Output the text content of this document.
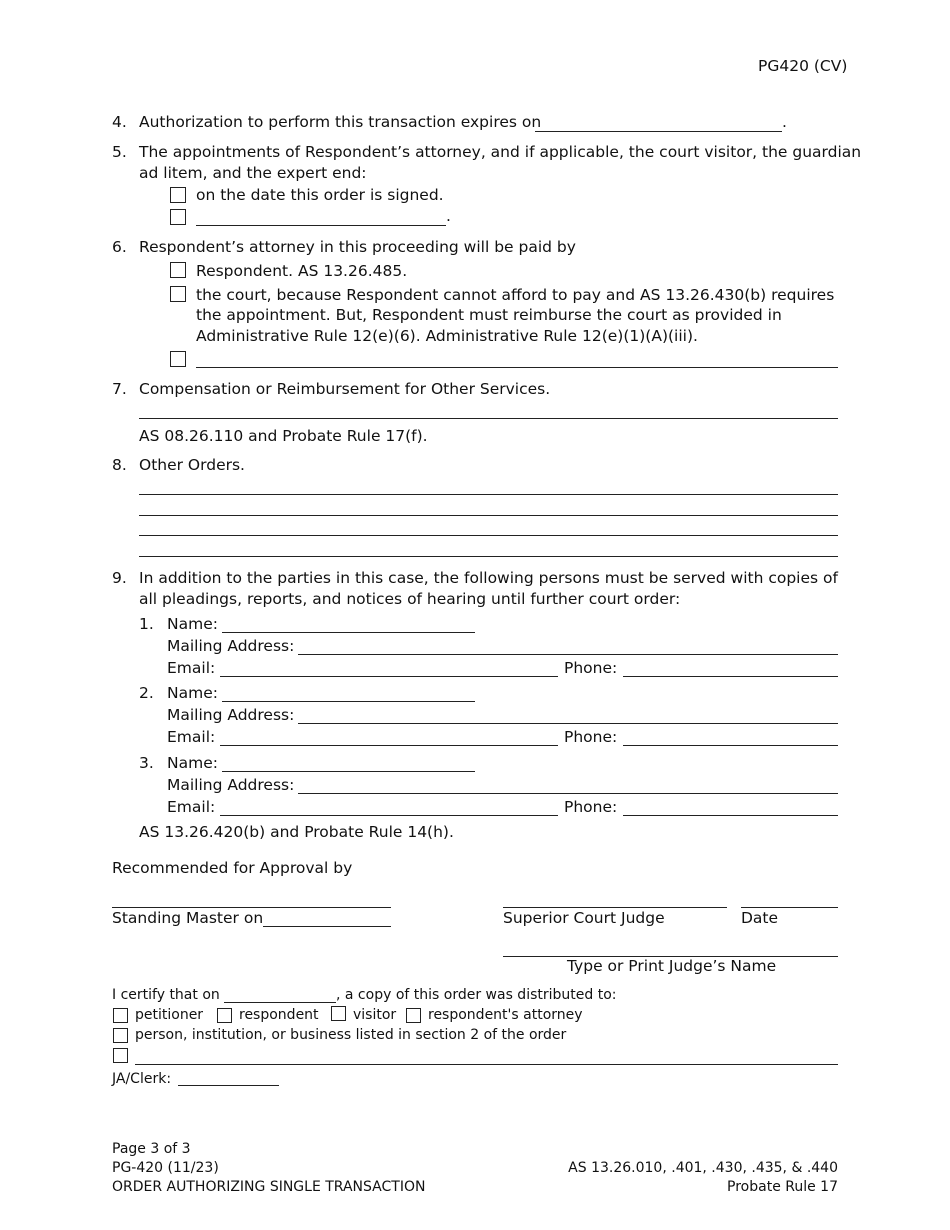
PG420 (CV)
4. Authorization to perform this transaction expires on	.
5. The appointments of Respondent’s attorney, and if applicable, the court visitor, the guardian
ad litem, and the expert end:
on the date this order is signed.
.
6. Respondent’s attorney in this proceeding will be paid by
Respondent. AS 13.26.485.
the court, because Respondent cannot afford to pay and AS 13.26.430(b) requires
the appointment. But, Respondent must reimburse the court as provided in
Administrative Rule 12(e)(6). Administrative Rule 12(e)(1)(A)(iii).
7. Compensation or Reimbursement for Other Services.
AS 08.26.110 and Probate Rule 17(f).
8. Other Orders.
9. In addition to the parties in this case, the following persons must be served with copies of
all pleadings, reports, and notices of hearing until further court order:
1. Name:
Mailing Address:
Email:	Phone:
2. Name:
Mailing Address:
Email:	Phone:
3. Name:
Mailing Address:
Email:	Phone:
AS 13.26.420(b) and Probate Rule 14(h).
Recommended for Approval by
Standing Master on	Superior Court Judge	Date
Type or Print Judge’s Name
I certify that on	, a copy of this order was distributed to:
petitioner	respondent visitor respondent's attorney
person, institution, or business listed in section 2 of the order
JA/Clerk:
Page 3 of 3
PG-420 (11/23)
ORDER AUTHORIZING SINGLE TRANSACTION
AS 13.26.010, .401, .430, .435, & .440
Probate Rule 17
